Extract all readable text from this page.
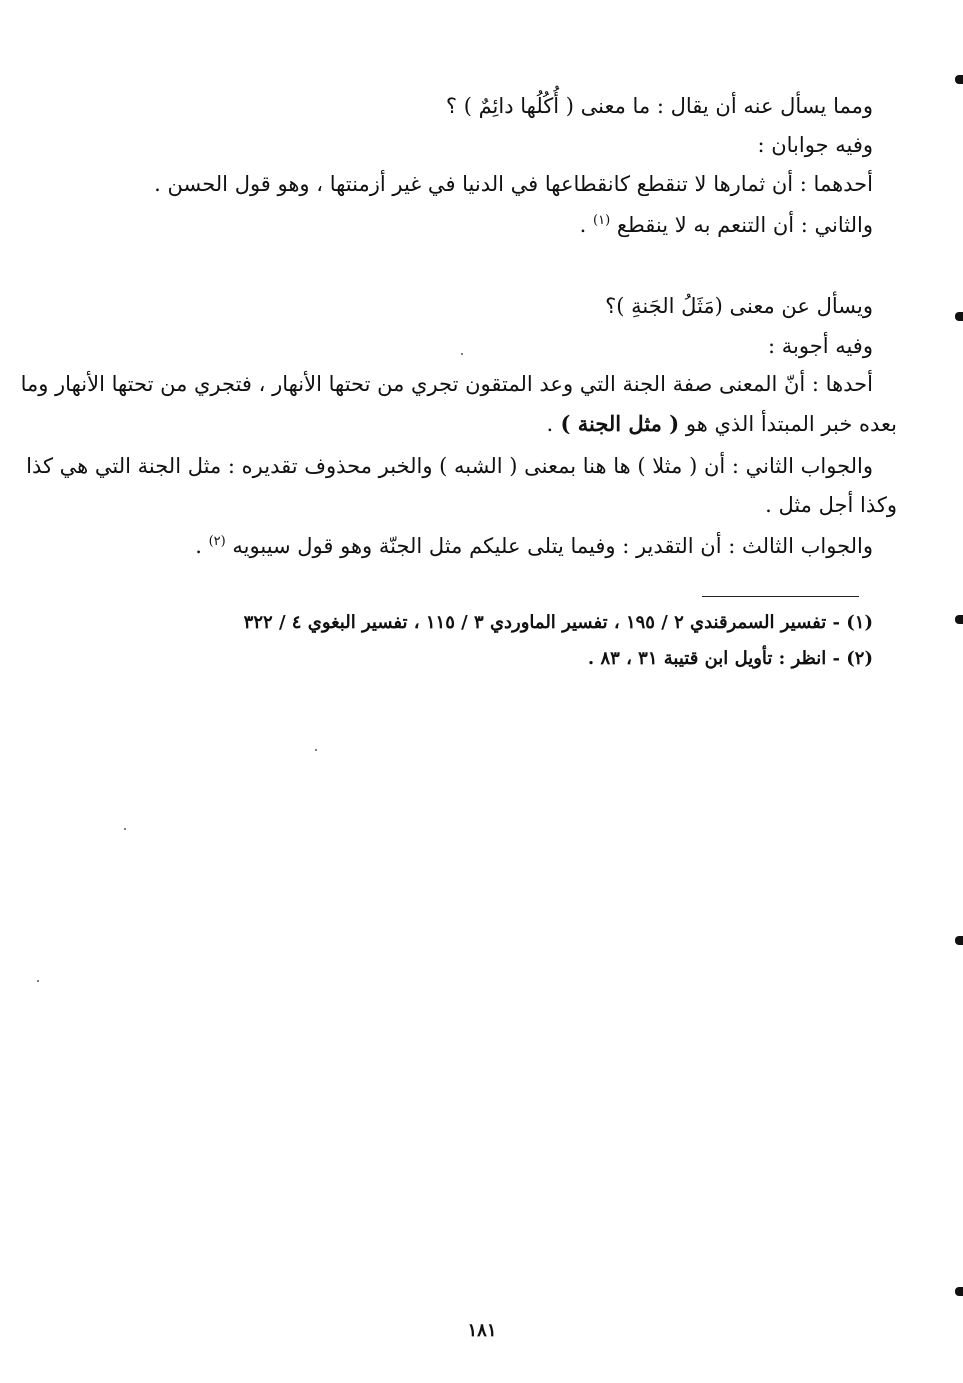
ومما يسأل عنه أن يقال : ما معنى ( أُكُلُها دائِمٌ ) ؟
وفيه جوابان :
أحدهما : أن ثمارها لا تنقطع كانقطاعها في الدنيا في غير أزمنتها ، وهو قول الحسن .
والثاني : أن التنعم به لا ينقطع $^{(١)}$ .
ويسأل عن معنى (مَثَلُ الجَنةِ )؟
وفيه أجوبة :
أحدها : أنّ المعنى صفة الجنة التي وعد المتقون تجري من تحتها الأنهار ، فتجري من تحتها الأنهار وما
بعده خبر المبتدأ الذي هو ( مثل الجنة ) .
والجواب الثاني : أن ( مثلا ) ها هنا بمعنى ( الشبه ) والخبر محذوف تقديره : مثل الجنة التي هي كذا
وكذا أجل مثل .
والجواب الثالث : أن التقدير : وفيما يتلى عليكم مثل الجنّة وهو قول سيبويه $^{(٢)}$ .
(١) - تفسير السمرقندي ٢ / ١٩٥ ، تفسير الماوردي ٣ / ١١٥ ، تفسير البغوي ٤ / ٣٢٢
(٢) - انظر : تأويل ابن قتيبة ٣١ ، ٨٣ .
١٨١
